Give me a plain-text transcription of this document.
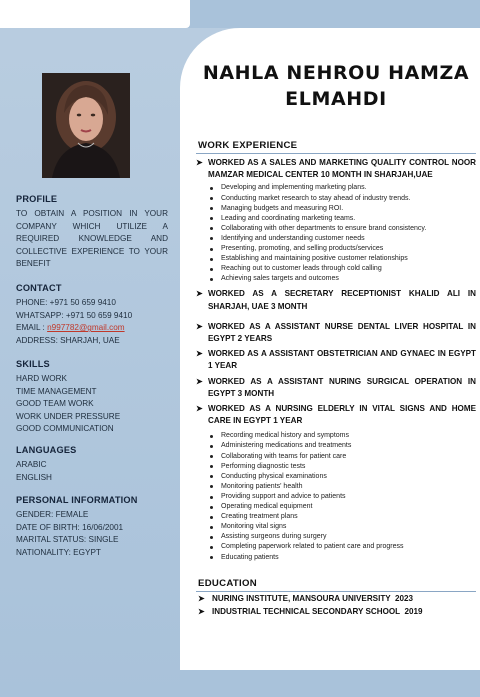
NAHLA NEHROU HAMZA ELMAHDI
PROFILE
TO OBTAIN A POSITION IN YOUR COMPANY WHICH UTILIZE A REQUIRED KNOWLEDGE AND COLLECTIVE EXPERIENCE TO YOUR BENEFIT
CONTACT
PHONE: +971 50 659 9410
WHATSAPP: +971 50 659 9410
EMAIL : n997782@gmail.com
ADDRESS: SHARJAH, UAE
SKILLS
HARD WORK
TIME MANAGEMENT
GOOD TEAM WORK
WORK UNDER PRESSURE
GOOD COMMUNICATION
LANGUAGES
ARABIC
ENGLISH
PERSONAL INFORMATION
GENDER: FEMALE
DATE OF BIRTH: 16/06/2001
MARITAL STATUS: SINGLE
NATIONALITY: EGYPT
WORK EXPERIENCE
➤ WORKED AS A SALES AND MARKETING QUALITY CONTROL NOOR MAMZAR MEDICAL CENTER 10 MONTH IN SHARJAH,UAE
Developing and implementing marketing plans.
Conducting market research to stay ahead of industry trends.
Managing budgets and measuring ROI.
Leading and coordinating marketing teams.
Collaborating with other departments to ensure brand consistency.
Identifying and understanding customer needs
Presenting, promoting, and selling products/services
Establishing and maintaining positive customer relationships
Reaching out to customer leads through cold calling
Achieving sales targets and outcomes
➤ WORKED AS A SECRETARY RECEPTIONIST KHALID ALI IN SHARJAH, UAE 3 MONTH
➤ WORKED AS A ASSISTANT NURSE DENTAL LIVER HOSPITAL IN EGYPT 2 YEARS
➤ WORKED AS A ASSISTANT OBSTETRICIAN AND GYNAEC IN EGYPT 1 YEAR
➤ WORKED AS A ASSISTANT NURING SURGICAL OPERATION IN EGYPT 3 MONTH
➤ WORKED AS A NURSING ELDERLY IN VITAL SIGNS AND HOME CARE IN EGYPT 1 YEAR
Recording medical history and symptoms
Administering medications and treatments
Collaborating with teams for patient care
Performing diagnostic tests
Conducting physical examinations
Monitoring patients' health
Providing support and advice to patients
Operating medical equipment
Creating treatment plans
Monitoring vital signs
Assisting surgeons during surgery
Completing paperwork related to patient care and progress
Educating patients
EDUCATION
➤ NURING INSTITUTE, MANSOURA UNIVERSITY  2023
➤ INDUSTRIAL TECHNICAL SECONDARY SCHOOL  2019
